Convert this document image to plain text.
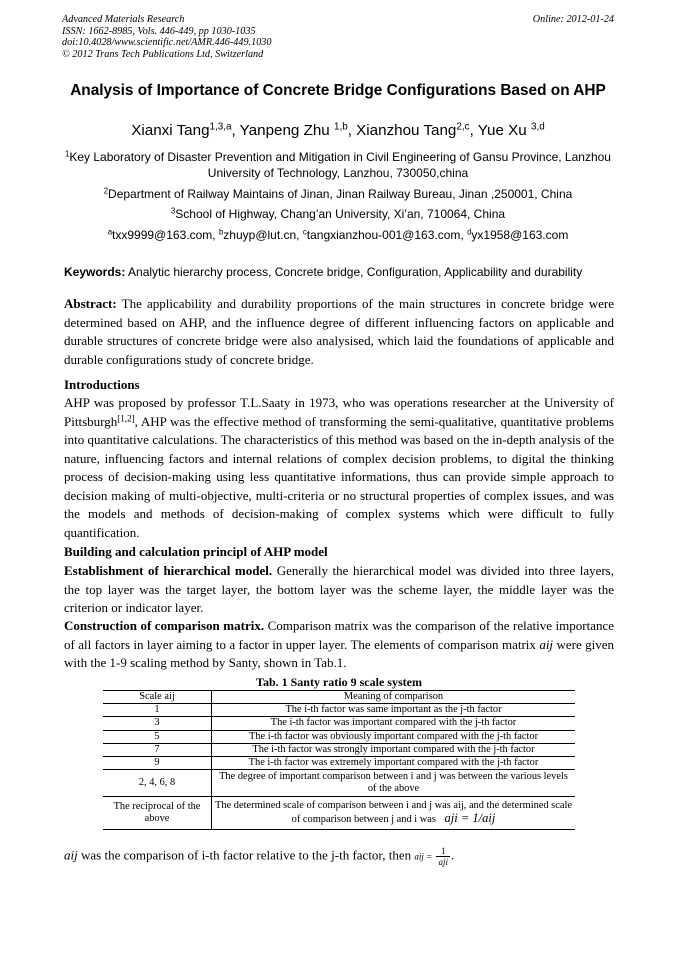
Advanced Materials Research
ISSN: 1662-8985, Vols. 446-449, pp 1030-1035
doi:10.4028/www.scientific.net/AMR.446-449.1030
© 2012 Trans Tech Publications Ltd, Switzerland
Online: 2012-01-24
Analysis of Importance of Concrete Bridge Configurations Based on AHP
Xianxi Tang$^{1,3,a}$, Yanpeng Zhu $^{1,b}$, Xianzhou Tang$^{2,c}$, Yue Xu $^{3,d}$
$^1$Key Laboratory of Disaster Prevention and Mitigation in Civil Engineering of Gansu Province, Lanzhou University of Technology, Lanzhou, 730050,china
$^2$Department of Railway Maintains of Jinan, Jinan Railway Bureau, Jinan ,250001, China
$^3$School of Highway, Chang’an University, Xi’an, 710064, China
$^a$txx9999@163.com, $^b$zhuyp@lut.cn, $^c$tangxianzhou-001@163.com, $^d$yx1958@163.com
Keywords: Analytic hierarchy process, Concrete bridge, Configuration, Applicability and durability
Abstract: The applicability and durability proportions of the main structures in concrete bridge were determined based on AHP, and the influence degree of different influencing factors on applicable and durable structures of concrete bridge were also analysised, which laid the foundations of applicable and durable configurations study of concrete bridge.
Introductions
AHP was proposed by professor T.L.Saaty in 1973, who was operations researcher at the University of Pittsburgh[1,2], AHP was the effective method of transforming the semi-qualitative, quantitative problems into quantitative calculations. The characteristics of this method was based on the in-depth analysis of the nature, influencing factors and internal relations of complex decision problems, to digital the thinking process of decision-making using less quantitative informations, thus can provide simple approach to decision making of multi-objective, multi-criteria or no structural properties of complex issues, and was the models and methods of decision-making of complex systems which were difficult to fully quantification.
Building and calculation principl of AHP model
Establishment of hierarchical model. Generally the hierarchical model was divided into three layers, the top layer was the target layer, the bottom layer was the scheme layer, the middle layer was the criterion or indicator layer.
Construction of comparison matrix. Comparison matrix was the comparison of the relative importance of all factors in layer aiming to a factor in upper layer. The elements of comparison matrix aij were given with the 1-9 scaling method by Santy, shown in Tab.1.
Tab. 1 Santy ratio 9 scale system
Scale aij	Meaning of comparison
1	The i-th factor was same important as the j-th factor
3	The i-th factor was important compared with the j-th factor
5	The i-th factor was obviously important compared with the j-th factor
7	The i-th factor was strongly important compared with the j-th factor
9	The i-th factor was extremely important compared with the j-th factor
2, 4, 6, 8	The degree of important comparison between i and j was between the various levels of the above
The reciprocal of the above	The determined scale of comparison between i and j was aij, and the determined scale of comparison between j and i was aji = 1/aij
aij was the comparison of i-th factor relative to the j-th factor, then aij = $\frac{1}{\text{aji}}$ .
